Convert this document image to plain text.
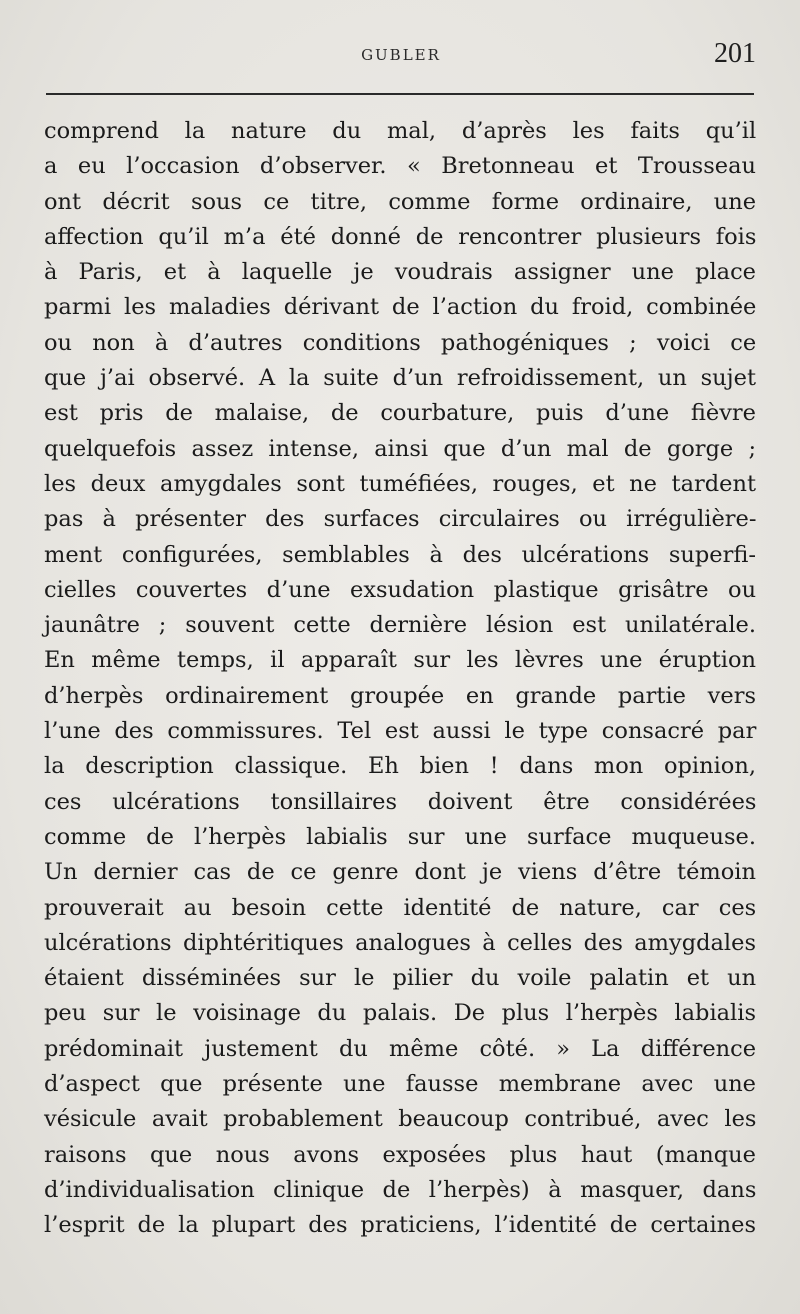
GUBLER	201
comprend la nature du mal, d’après les faits qu’il
a eu l’occasion d’observer. « Bretonneau et Trousseau
ont décrit sous ce titre, comme forme ordinaire, une
affection qu’il m’a été donné de rencontrer plusieurs fois
à Paris, et à laquelle je voudrais assigner une place
parmi les maladies dérivant de l’action du froid, combinée
ou non à d’autres conditions pathogéniques ; voici ce
que j’ai observé. A la suite d’un refroidissement, un sujet
est pris de malaise, de courbature, puis d’une fièvre
quelquefois assez intense, ainsi que d’un mal de gorge ;
les deux amygdales sont tuméfiées, rouges, et ne tardent
pas à présenter des surfaces circulaires ou irrégulière-
ment configurées, semblables à des ulcérations superfi-
cielles couvertes d’une exsudation plastique grisâtre ou
jaunâtre ; souvent cette dernière lésion est unilatérale.
En même temps, il apparaît sur les lèvres une éruption
d’herpès ordinairement groupée en grande partie vers
l’une des commissures. Tel est aussi le type consacré par
la description classique. Eh bien ! dans mon opinion,
ces ulcérations tonsillaires doivent être considérées
comme de l’herpès labialis sur une surface muqueuse.
Un dernier cas de ce genre dont je viens d’être témoin
prouverait au besoin cette identité de nature, car ces
ulcérations diphtéritiques analogues à celles des amygdales
étaient disséminées sur le pilier du voile palatin et un
peu sur le voisinage du palais. De plus l’herpès labialis
prédominait justement du même côté. » La différence
d’aspect que présente une fausse membrane avec une
vésicule avait probablement beaucoup contribué, avec les
raisons que nous avons exposées plus haut (manque
d’individualisation clinique de l’herpès) à masquer, dans
l’esprit de la plupart des praticiens, l’identité de certaines
